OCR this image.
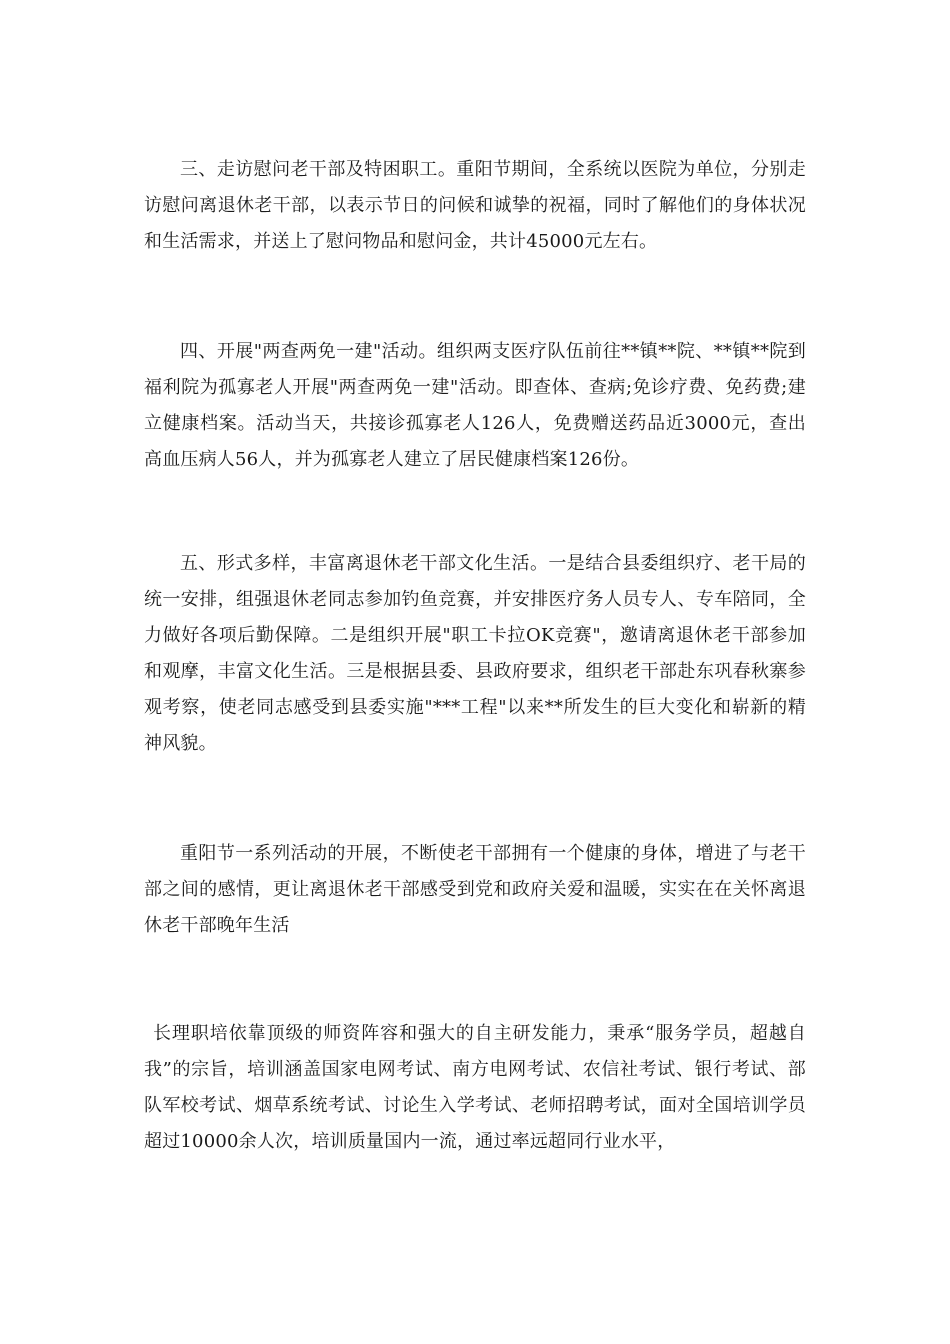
三、走访慰问老干部及特困职工。重阳节期间，全系统以医院为单位，分别走访慰问离退休老干部，以表示节日的问候和诚挚的祝福，同时了解他们的身体状况和生活需求，并送上了慰问物品和慰问金，共计45000元左右。

四、开展"两查两免一建"活动。组织两支医疗队伍前往**镇**院、**镇**院到福利院为孤寡老人开展"两查两免一建"活动。即查体、查病;免诊疗费、免药费;建立健康档案。活动当天，共接诊孤寡老人126人，免费赠送药品近3000元，查出高血压病人56人，并为孤寡老人建立了居民健康档案126份。

五、形式多样，丰富离退休老干部文化生活。一是结合县委组织疗、老干局的统一安排，组强退休老同志参加钓鱼竞赛，并安排医疗务人员专人、专车陪同，全力做好各项后勤保障。二是组织开展"职工卡拉OK竞赛"，邀请离退休老干部参加和观摩，丰富文化生活。三是根据县委、县政府要求，组织老干部赴东巩春秋寨参观考察，使老同志感受到县委实施"***工程"以来**所发生的巨大变化和崭新的精神风貌。

重阳节一系列活动的开展，不断使老干部拥有一个健康的身体，增进了与老干部之间的感情，更让离退休老干部感受到党和政府关爱和温暖，实实在在关怀离退休老干部晚年生活

长理职培依靠顶级的师资阵容和强大的自主研发能力，秉承“服务学员，超越自我”的宗旨，培训涵盖国家电网考试、南方电网考试、农信社考试、银行考试、部队军校考试、烟草系统考试、讨论生入学考试、老师招聘考试，面对全国培训学员超过10000余人次，培训质量国内一流，通过率远超同行业水平，
